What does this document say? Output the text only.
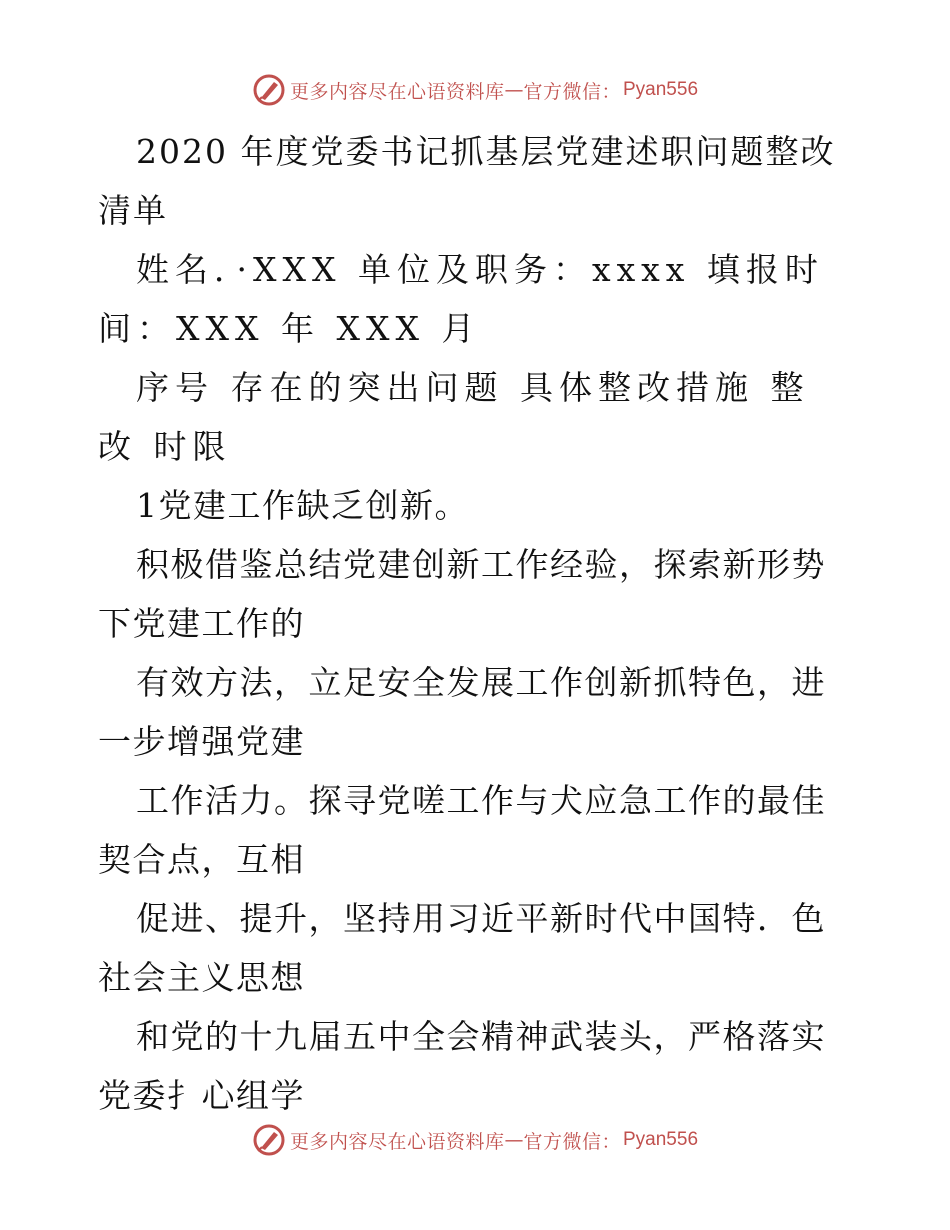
更多内容尽在心语资料库 — 官方微信： Pyan556

2020 年度党委书记抓基层党建述职问题整改清单

姓名．·XXX 单位及职务：xxxx 填报时间：XXX 年 XXX 月

序号 存在的突出问题 具体整改措施 整 改 时限

1党建工作缺乏创新。

积极借鉴总结党建创新工作经验，探索新形势下党建工作的

有效方法，立足安全发展工作创新抓特色，进一步增强党建

工作活力。探寻党嗟工作与犬应急工作的最佳契合点，互相

促进、提升，坚持用习近平新时代中国特．色社会主义思想

和党的十九届五中全会精神武装头，严格落实党委扌心组学

更多内容尽在心语资料库 — 官方微信： Pyan556
